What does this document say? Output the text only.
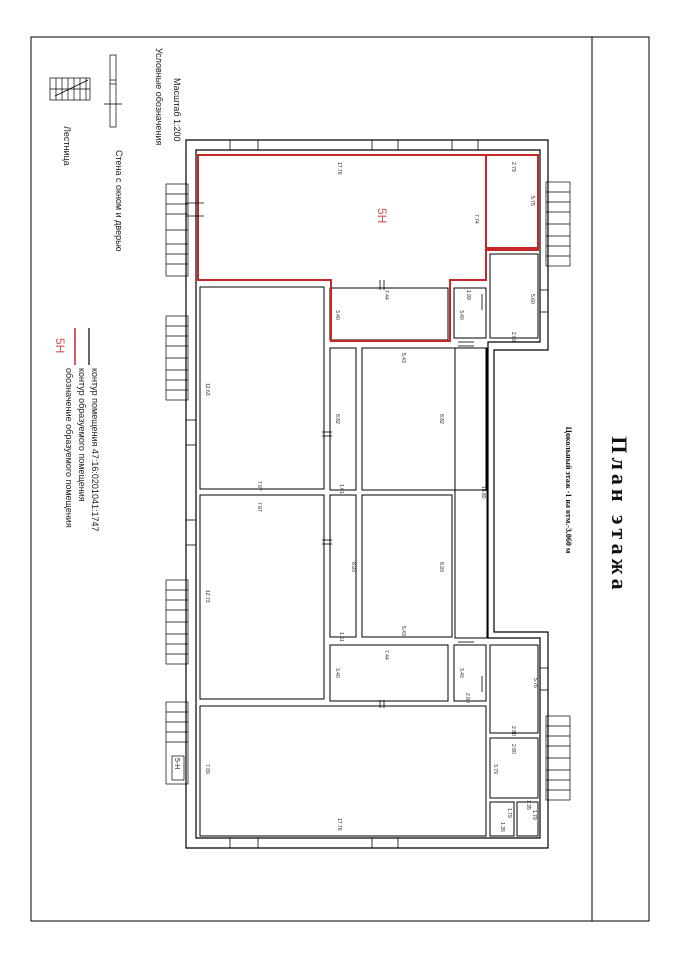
План этажа
Цокольный этаж -1 на отм.-3.060 м
Условные обозначения Масштаб 1:200
Стена с окном и дверью
Лестница
контур помещения 47:16:0201041:1747
контур образуемого помещения
5Н
обозначение образуемого помещения
5Н
5-Н
17.76
7.74
2.79
5.75
7.44
3.40
1.99
3.40
5.60
2.80
12.63
7.67
8.82
1.61
5.43
8.82
18.80
7.67
12.73
8.93
1.61
8.93
5.43
7.44
3.40	3.40
2.80
5.76
2.80
2.80
3.79
7.09
17.76
1.35
1.79
1.35
1.79
